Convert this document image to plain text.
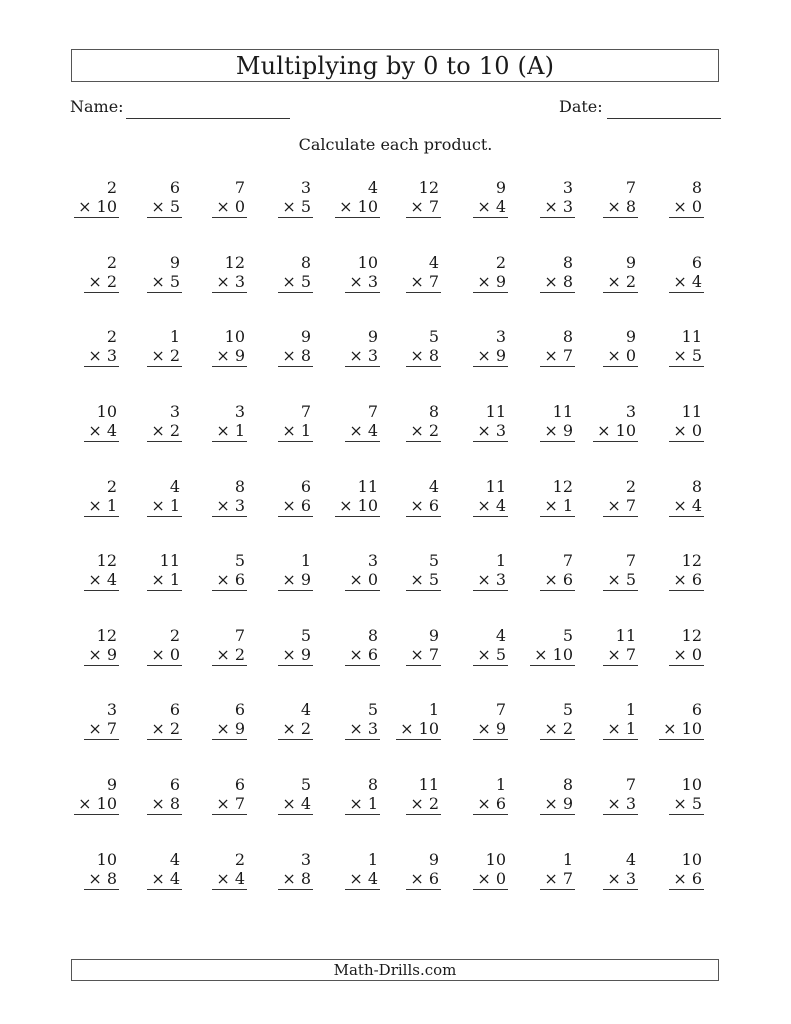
Multiplying by 0 to 10 (A)
Name:	Date:
Calculate each product.
2
× 10
6
× 5
7
× 0
3
× 5
4
× 10
12
× 7
9
× 4
3
× 3
7
× 8
8
× 0
2
× 2
9
× 5
12
× 3
8
× 5
10
× 3
4
× 7
2
× 9
8
× 8
9
× 2
6
× 4
2
× 3
1
× 2
10
× 9
9
× 8
9
× 3
5
× 8
3
× 9
8
× 7
9
× 0
11
× 5
10
× 4
3
× 2
3
× 1
7
× 1
7
× 4
8
× 2
11
× 3
11
× 9
3
× 10
11
× 0
2
× 1
4
× 1
8
× 3
6
× 6
11
× 10
4
× 6
11
× 4
12
× 1
2
× 7
8
× 4
12
× 4
11
× 1
5
× 6
1
× 9
3
× 0
5
× 5
1
× 3
7
× 6
7
× 5
12
× 6
12
× 9
2
× 0
7
× 2
5
× 9
8
× 6
9
× 7
4
× 5
5
× 10
11
× 7
12
× 0
3
× 7
6
× 2
6
× 9
4
× 2
5
× 3
1
× 10
7
× 9
5
× 2
1
× 1
6
× 10
9
× 10
6
× 8
6
× 7
5
× 4
8
× 1
11
× 2
1
× 6
8
× 9
7
× 3
10
× 5
10
× 8
4
× 4
2
× 4
3
× 8
1
× 4
9
× 6
10
× 0
1
× 7
4
× 3
10
× 6
Math-Drills.com
